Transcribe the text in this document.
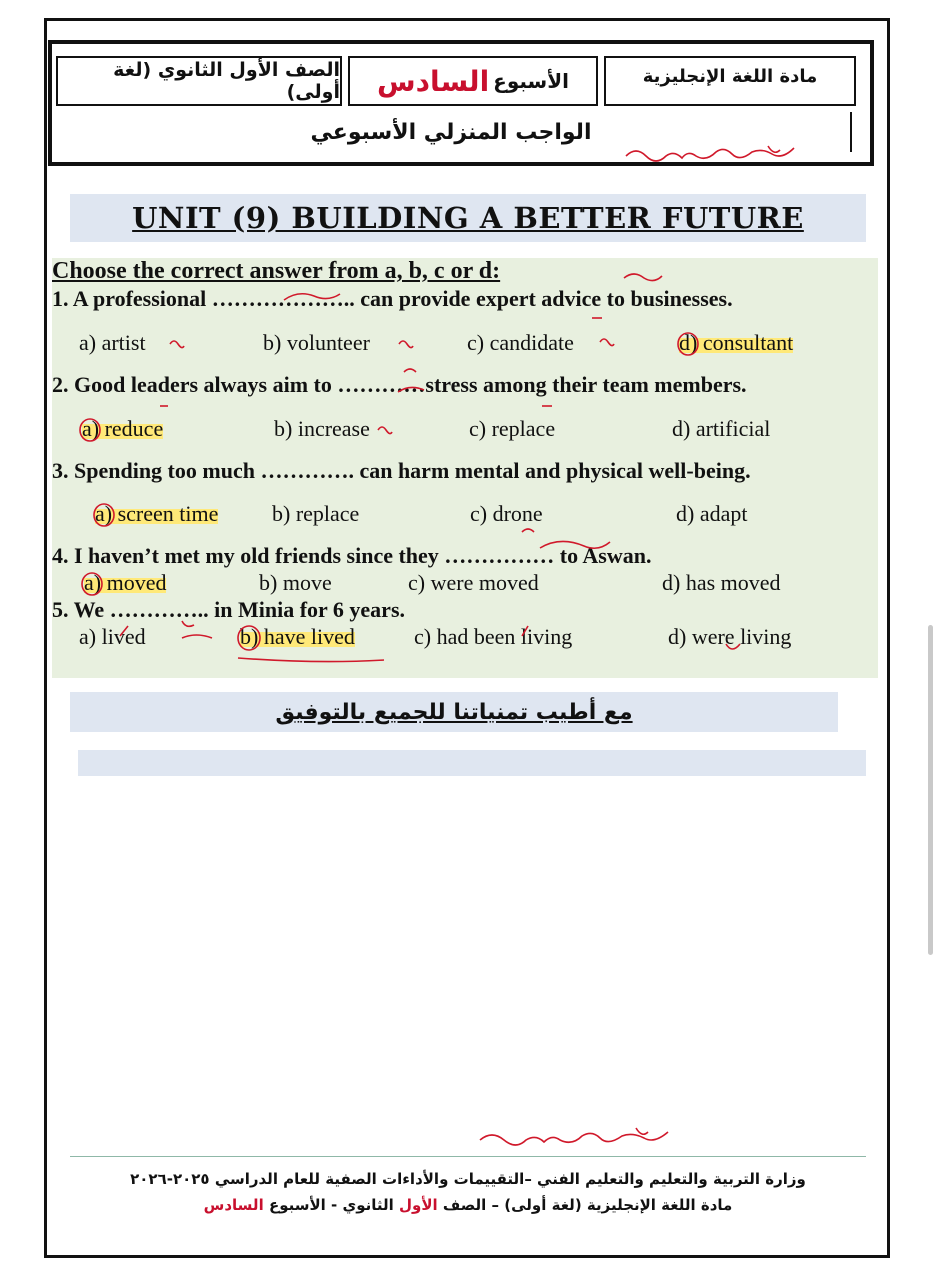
الصف الأول الثانوي (لغة أولى)	الأسبوع
السادس	مادة اللغة الإنجليزية
الواجب المنزلي الأسبوعي
UNIT (9) BUILDING A BETTER FUTURE
Choose the correct answer from a, b, c or d:
1. A professional ……………….. can provide expert advice to businesses.
a) artist	b) volunteer	c) candidate	d) consultant
2. Good leaders always aim to …………stress among their team members.
a) reduce	b) increase	c) replace	d) artificial
3. Spending too much …………. can harm mental and physical well-being.
a) screen time b) replace	c) drone	d) adapt
4. I haven’t met my old friends since they …………… to Aswan.
a) moved	b) move	c) were moved	d) has moved
5. We ………….. in Minia for 6 years.
a) lived	b) have lived	c) had been living	d) were living
مع أطيب تمنياتنا للجميع بالتوفيق
وزارة التربية والتعليم والتعليم الفني –التقييمات والأداءات الصفية للعام الدراسي ٢٠٢٥-٢٠٢٦
مادة اللغة الإنجليزية (لغة أولى) – الصف الأول الثانوي - الأسبوع السادس
